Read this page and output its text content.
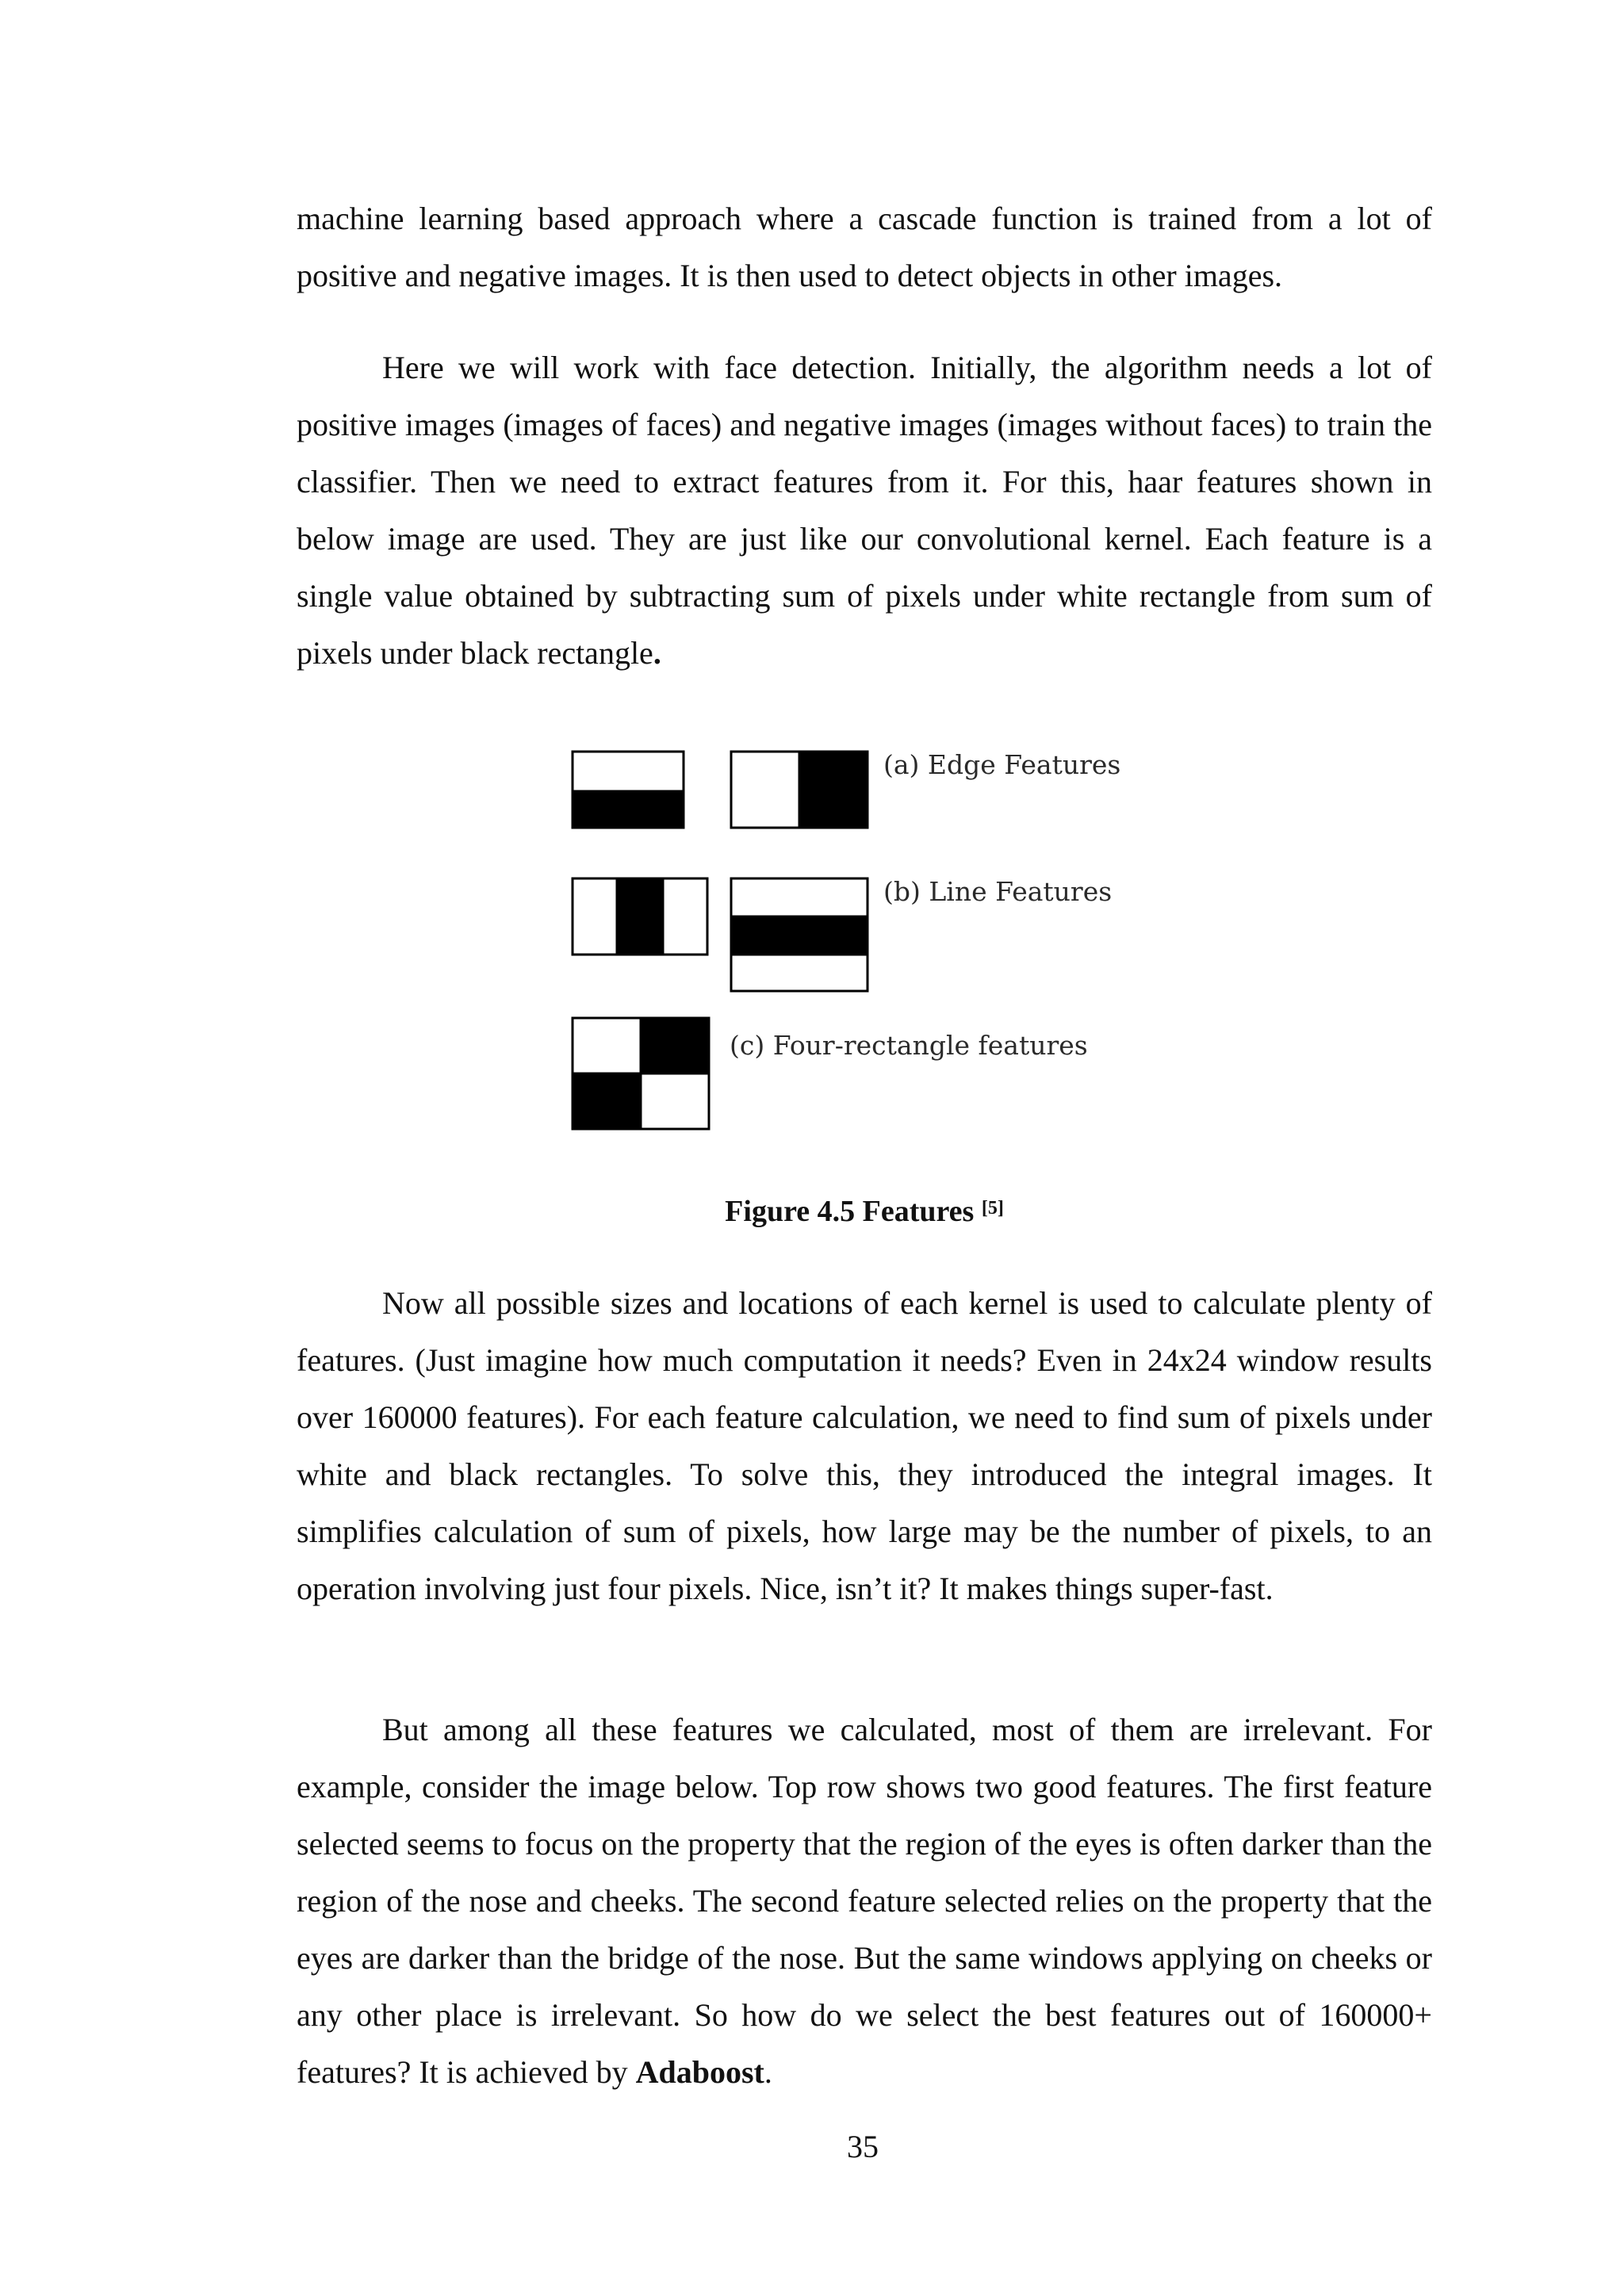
machine learning based approach where a cascade function is trained from a lot of positive and negative images. It is then used to detect objects in other images.

Here we will work with face detection. Initially, the algorithm needs a lot of positive images (images of faces) and negative images (images without faces) to train the classifier. Then we need to extract features from it. For this, haar features shown in below image are used. They are just like our convolutional kernel. Each feature is a single value obtained by subtracting sum of pixels under white rectangle from sum of pixels under black rectangle.

(a) Edge Features
(b) Line Features
(c) Four-rectangle features
Figure 4.5 Features [5]

Now all possible sizes and locations of each kernel is used to calculate plenty of features. (Just imagine how much computation it needs? Even in 24x24 window results over 160000 features). For each feature calculation, we need to find sum of pixels under white and black rectangles. To solve this, they introduced the integral images. It simplifies calculation of sum of pixels, how large may be the number of pixels, to an operation involving just four pixels. Nice, isn’t it? It makes things super-fast.

But among all these features we calculated, most of them are irrelevant. For example, consider the image below. Top row shows two good features. The first feature selected seems to focus on the property that the region of the eyes is often darker than the region of the nose and cheeks. The second feature selected relies on the property that the eyes are darker than the bridge of the nose. But the same windows applying on cheeks or any other place is irrelevant. So how do we select the best features out of 160000+ features? It is achieved by Adaboost.

35
